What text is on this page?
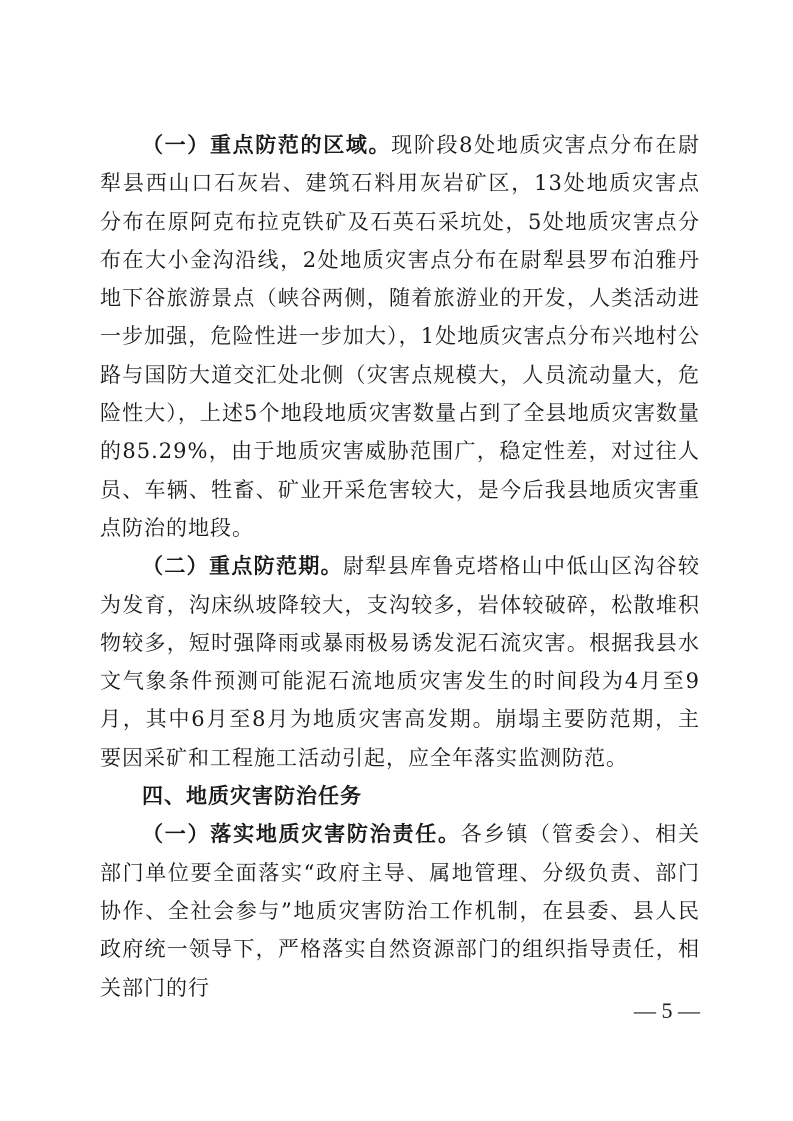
（一）重点防范的区域。现阶段8处地质灾害点分布在尉犁县西山口石灰岩、建筑石料用灰岩矿区，13处地质灾害点分布在原阿克布拉克铁矿及石英石采坑处，5处地质灾害点分布在大小金沟沿线，2处地质灾害点分布在尉犁县罗布泊雅丹地下谷旅游景点（峡谷两侧，随着旅游业的开发，人类活动进一步加强，危险性进一步加大），1处地质灾害点分布兴地村公路与国防大道交汇处北侧（灾害点规模大，人员流动量大，危险性大），上述5个地段地质灾害数量占到了全县地质灾害数量的85.29%，由于地质灾害威胁范围广，稳定性差，对过往人员、车辆、牲畜、矿业开采危害较大，是今后我县地质灾害重点防治的地段。

（二）重点防范期。尉犁县库鲁克塔格山中低山区沟谷较为发育，沟床纵坡降较大，支沟较多，岩体较破碎，松散堆积物较多，短时强降雨或暴雨极易诱发泥石流灾害。根据我县水文气象条件预测可能泥石流地质灾害发生的时间段为4月至9月，其中6月至8月为地质灾害高发期。崩塌主要防范期，主要因采矿和工程施工活动引起，应全年落实监测防范。

四、地质灾害防治任务

（一）落实地质灾害防治责任。各乡镇（管委会）、相关部门单位要全面落实“政府主导、属地管理、分级负责、部门协作、全社会参与”地质灾害防治工作机制，在县委、县人民政府统一领导下，严格落实自然资源部门的组织指导责任，相关部门的行

— 5 —
